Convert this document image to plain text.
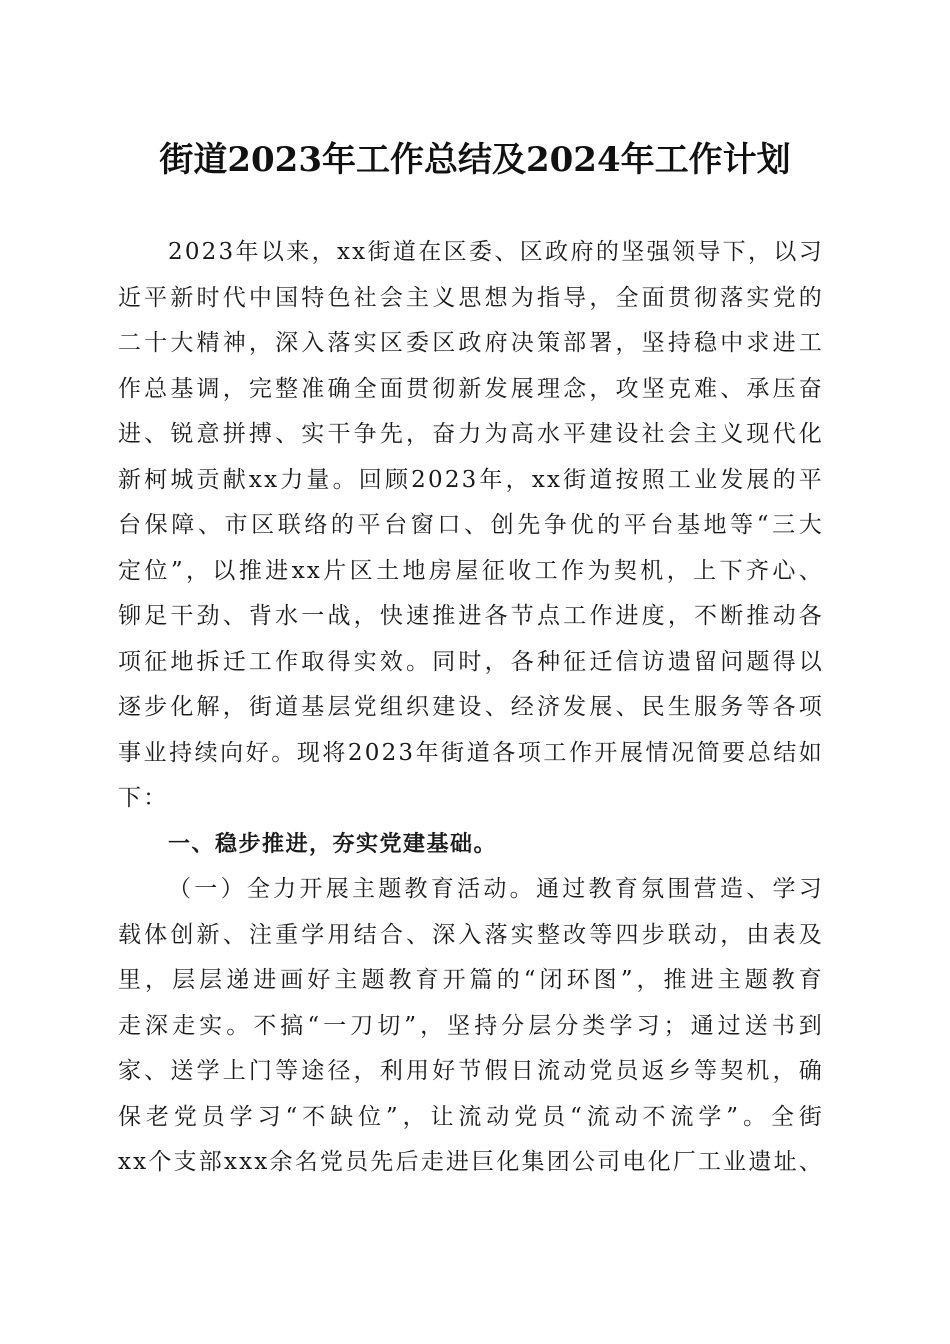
街道2023年工作总结及2024年工作计划
2023年以来，xx街道在区委、区政府的坚强领导下，以习
近平新时代中国特色社会主义思想为指导，全面贯彻落实党的
二十大精神，深入落实区委区政府决策部署，坚持稳中求进工
作总基调，完整准确全面贯彻新发展理念，攻坚克难、承压奋
进、锐意拼搏、实干争先，奋力为高水平建设社会主义现代化
新柯城贡献xx力量。回顾2023年，xx街道按照工业发展的平
台保障、市区联络的平台窗口、创先争优的平台基地等“三大
定位”，以推进xx片区土地房屋征收工作为契机，上下齐心、
铆足干劲、背水一战，快速推进各节点工作进度，不断推动各
项征地拆迁工作取得实效。同时，各种征迁信访遗留问题得以
逐步化解，街道基层党组织建设、经济发展、民生服务等各项
事业持续向好。现将2023年街道各项工作开展情况简要总结如
下：
一、稳步推进，夯实党建基础。
（一）全力开展主题教育活动。通过教育氛围营造、学习
载体创新、注重学用结合、深入落实整改等四步联动，由表及
里，层层递进画好主题教育开篇的“闭环图”，推进主题教育
走深走实。不搞“一刀切”，坚持分层分类学习；通过送书到
家、送学上门等途径，利用好节假日流动党员返乡等契机，确
保老党员学习“不缺位”，让流动党员“流动不流学”。全街
xx个支部xxx余名党员先后走进巨化集团公司电化厂工业遗址、
